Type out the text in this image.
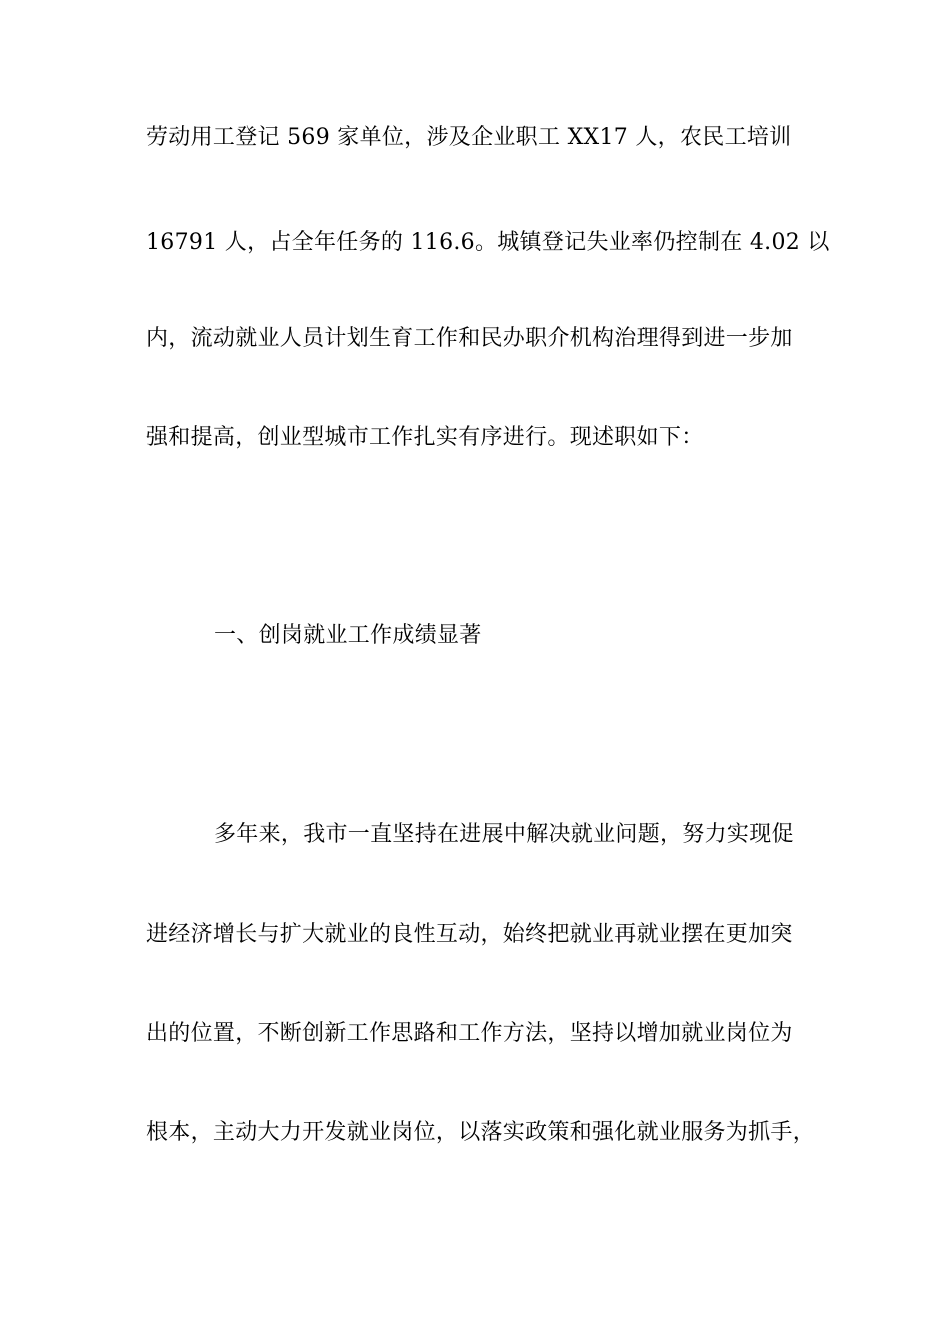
劳动用工登记 569 家单位，涉及企业职工 XX17 人，农民工培训
16791 人，占全年任务的 116.6。城镇登记失业率仍控制在 4.02 以
内，流动就业人员计划生育工作和民办职介机构治理得到进一步加
强和提高，创业型城市工作扎实有序进行。现述职如下：
一、创岗就业工作成绩显著
多年来，我市一直坚持在进展中解决就业问题，努力实现促
进经济增长与扩大就业的良性互动，始终把就业再就业摆在更加突
出的位置，不断创新工作思路和工作方法，坚持以增加就业岗位为
根本，主动大力开发就业岗位，以落实政策和强化就业服务为抓手，
